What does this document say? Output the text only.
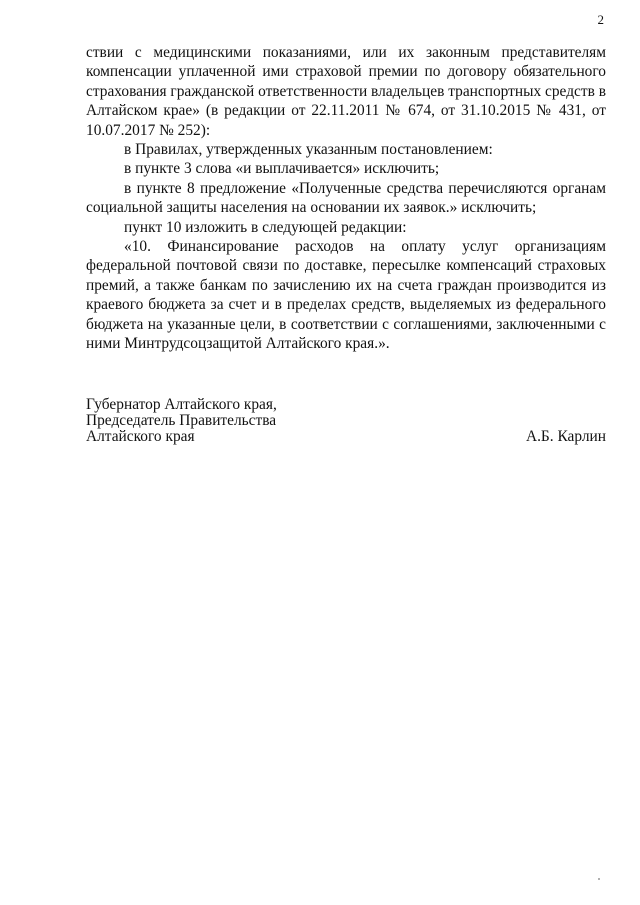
2

ствии с медицинскими показаниями, или их законным представителям компенсации уплаченной ими страховой премии по договору обязательного страхования гражданской ответственности владельцев транспортных средств в Алтайском крае» (в редакции от 22.11.2011 № 674, от 31.10.2015 № 431, от 10.07.2017 № 252):

в Правилах, утвержденных указанным постановлением:

в пункте 3 слова «и выплачивается» исключить;

в пункте 8 предложение «Полученные средства перечисляются органам социальной защиты населения на основании их заявок.» исключить;

пункт 10 изложить в следующей редакции:

«10. Финансирование расходов на оплату услуг организациям федеральной почтовой связи по доставке, пересылке компенсаций страховых премий, а также банкам по зачислению их на счета граждан производится из краевого бюджета за счет и в пределах средств, выделяемых из федерального бюджета на указанные цели, в соответствии с соглашениями, заключенными с ними Минтрудсоцзащитой Алтайского края.».

Губернатор Алтайского края,
Председатель Правительства
Алтайского края	А.Б. Карлин
